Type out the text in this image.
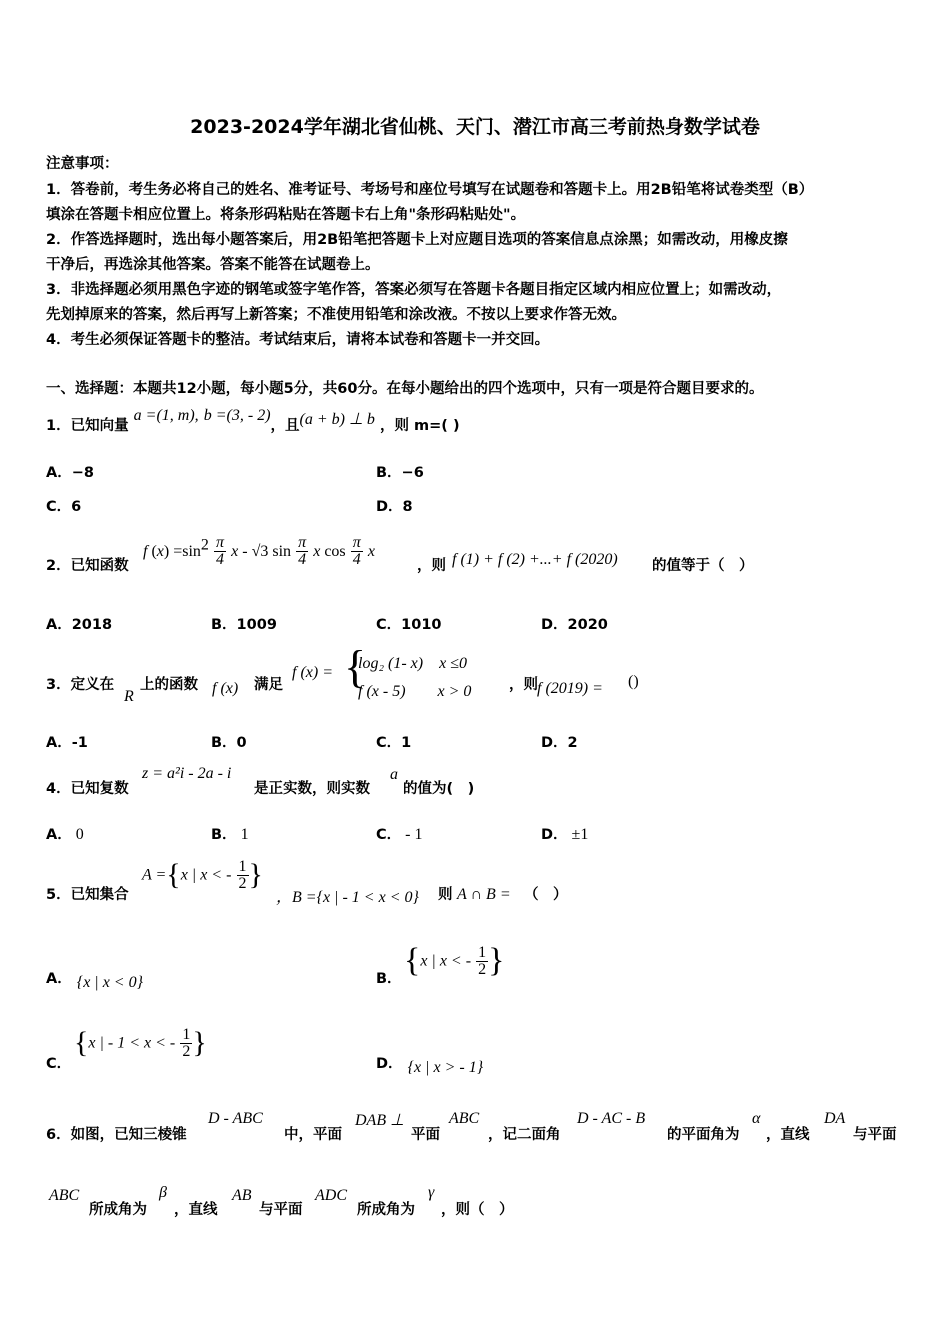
2023-2024学年湖北省仙桃、天门、潜江市高三考前热身数学试卷
注意事项：
1．答卷前，考生务必将自己的姓名、准考证号、考场号和座位号填写在试题卷和答题卡上。用2B铅笔将试卷类型（B）
填涂在答题卡相应位置上。将条形码粘贴在答题卡右上角"条形码粘贴处"。
2．作答选择题时，选出每小题答案后，用2B铅笔把答题卡上对应题目选项的答案信息点涂黑；如需改动，用橡皮擦
干净后，再选涂其他答案。答案不能答在试题卷上。
3．非选择题必须用黑色字迹的钢笔或签字笔作答，答案必须写在答题卡各题目指定区域内相应位置上；如需改动，
先划掉原来的答案，然后再写上新答案；不准使用铅笔和涂改液。不按以上要求作答无效。
4．考生必须保证答题卡的整洁。考试结束后，请将本试卷和答题卡一并交回。
一、选择题：本题共12小题，每小题5分，共60分。在每小题给出的四个选项中，只有一项是符合题目要求的。
1．已知向量 a =(1, m), b =(3, - 2)，且(a + b) ⊥ b ，则 m=( )
A．−8	B．−6
C．6	D．8
2．已知函数
f $(x) =\sin^2 \frac{\pi}{4}$ x - √3 $\sin \frac{\pi}{4}$ x $\cos \frac{\pi}{4}$ x
，则 f (1) + f (2) +...+ f (2020) 的值等于（　）
A．2018	B．1009	C．1010	D．2020
3．定义在
R
上的函数 f (x) 满足
f (x) = {
log₂ (1- x)　x ≤0
f (x - 5)　　x > 0	，则 f (2019) = ()
A．-1	B．0	C．1	D．2
4．已知复数
z = a²i - 2a - i
是正实数，则实数
a
的值为(　)
A． 0	B． 1	C． - 1	D． ±1
5．已知集合
A ={x | x < - $\frac{1}{2}$ }
，B ={x | - 1 < x < 0} 则 A ∩ B = （　）
A． {x | x < 0}	B． {x | x < - $\frac{1}{2}$ }
C．
{x | - 1 < x < - $\frac{1}{2}$ }
D． {x | x > - 1}
6．如图，已知三棱锥
D - ABC
中，平面
DAB ⊥
平面
ABC
，记二面角
D - AC - B
的平面角为
α
，直线
DA
与平面
ABC
所成角为
β
，直线
AB
与平面
ADC
所成角为
γ
，则（　）
